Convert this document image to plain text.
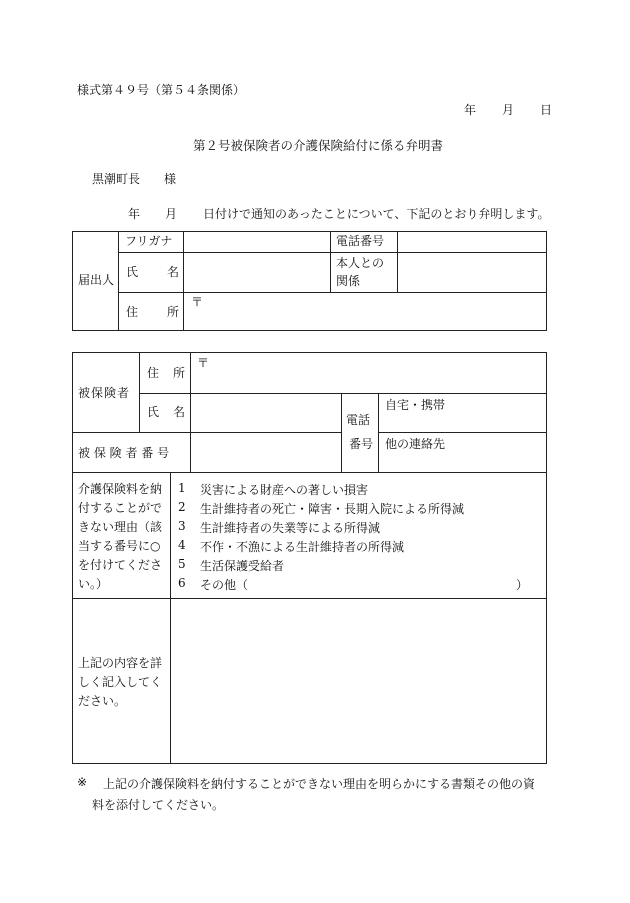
様式第４９号（第５４条関係）
年 月 日
第２号被保険者の介護保険給付に係る弁明書
黒潮町長 様
年 月 日付けで通知のあったことについて、下記のとおり弁明します。
届出人
フリガナ
氏 名
住 所
〒
電話番号
本人との
関係
被保険者
住 所
〒
氏 名
電話
番号
自宅・携帯
他の連絡先
被 保 険 者 番 号
介護保険料を納
付することがで
きない理由（該
当する番号に○
を付けてくださ
い。）
1 災害による財産への著しい損害
2 生計維持者の死亡・障害・長期入院による所得減
3 生計維持者の失業等による所得減
4 不作・不漁による生計維持者の所得減
5 生活保護受給者
6 その他（	）
上記の内容を詳
しく記入してく
ださい。
※ 上記の介護保険料を納付することができない理由を明らかにする書類その他の資
料を添付してください。
